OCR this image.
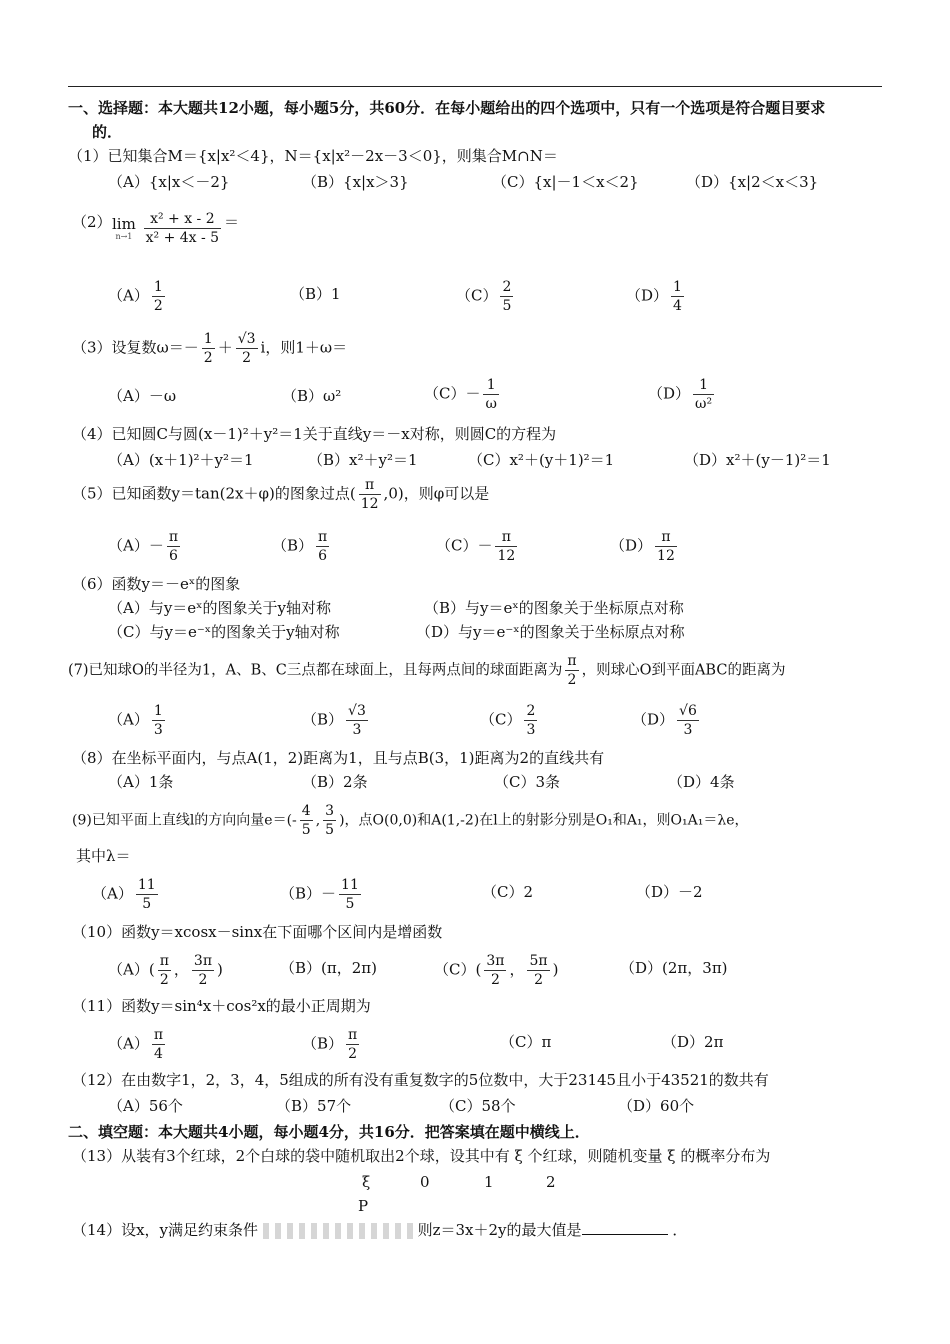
一、选择题：本大题共12小题，每小题5分，共60分．在每小题给出的四个选项中，只有一个选项是符合题目要求
的．
（1）已知集合M＝{x|x²＜4}，N＝{x|x²－2x－3＜0}，则集合M∩N＝
（A）{x|x＜－2}	（B）{x|x＞3}	（C）{x|－1＜x＜2}	（D）{x|2＜x＜3}
（2） lim
n→1
$\frac{\text{x² + x - 2}}{\text{x² + 4x - 5}}$ ＝
$(A) \frac{1}{2}$	（B）1	$(C) \frac{2}{5}$	$(D) \frac{1}{4}$
（3）设复数$\omega=- \frac{1}{2} + \frac{√3}{2}$ i，则1＋ω＝
（A）－ω	（B）ω²	$(C)- \frac{1}{\omega}$	$(D) \frac{1}{\text{ω²}}$
（4）已知圆C与圆(x－1)²＋y²＝1关于直线y＝－x对称，则圆C的方程为
（A）(x＋1)²＋y²＝1	（B）x²＋y²＝1	（C）x²＋(y＋1)²＝1	（D）x²＋(y－1)²＝1
（5）已知函数y＝tan(2x＋φ)的图象过点( $\frac{\pi}{12} ,0$)，则φ可以是
$(A)- \frac{\pi}{6}$	$(B) \frac{\pi}{6}$	$(C)- \frac{\pi}{12}$	$(D) \frac{\pi}{12}$
（6）函数y＝－eˣ的图象
（A）与y＝eˣ的图象关于y轴对称	（B）与y＝eˣ的图象关于坐标原点对称
（C）与y＝e⁻ˣ的图象关于y轴对称	（D）与y＝e⁻ˣ的图象关于坐标原点对称
(7)已知球O的半径为1，A、B、C三点都在球面上，且每两点间的球面距离为 $\frac{\pi}{2}$ ，则球心O到平面ABC的距离为
$(A) \frac{1}{3}$	$(B) \frac{√3}{3}$	$(C) \frac{2}{3}$	$(D) \frac{√6}{3}$
（8）在坐标平面内，与点A(1，2)距离为1，且与点B(3，1)距离为2的直线共有
（A）1条	（B）2条	（C）3条	（D）4条
(9)已知平面上直线l的方向向量$e=(- \frac{4}{5}$ , $\frac{3}{5}$ )，点O(0,0)和A(1,-2)在l上的射影分别是O₁和A₁，则O₁A₁＝λe，
其中λ＝
$(A) \frac{11}{5}$	$(B)- \frac{11}{5}$	（C）2	（D）－2
（10）函数y＝xcosx－sinx在下面哪个区间内是增函数
$(A)( \frac{\pi}{2}$ ， $\frac{3\pi}{2}$ )	（B）(π，2π)	$(C)( \frac{3\pi}{2}$ ， $\frac{5\pi}{2}$ )	（D）(2π，3π)
（11）函数y＝sin⁴x＋cos²x的最小正周期为
$(A) \frac{\pi}{4}$	$(B) \frac{\pi}{2}$	（C）π	（D）2π
（12）在由数字1，2，3，4，5组成的所有没有重复数字的5位数中，大于23145且小于43521的数共有
（A）56个	（B）57个	（C）58个	（D）60个
二、填空题：本大题共4小题，每小题4分，共16分．把答案填在题中横线上．
（13）从装有3个红球，2个白球的袋中随机取出2个球，设其中有 ξ 个红球，则随机变量 ξ 的概率分布为
ξ	0	1	2
P
（14）设x，y满足约束条件	则z＝3x＋2y的最大值是	．
